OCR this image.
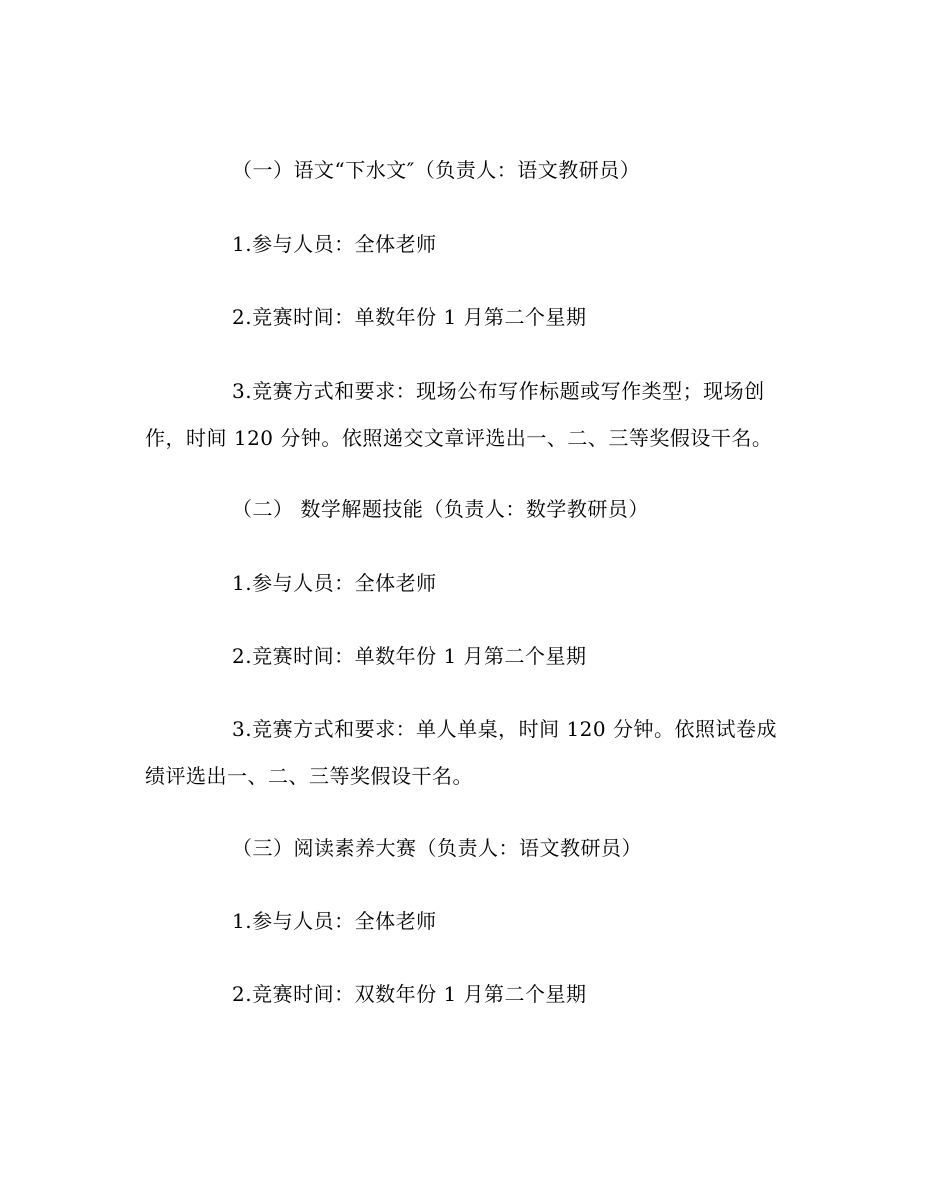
（一）语文“下水文″（负责人：语文教研员）
1.参与人员：全体老师
2.竞赛时间：单数年份 1 月第二个星期
3.竞赛方式和要求：现场公布写作标题或写作类型；现场创
作，时间 120 分钟。依照递交文章评选出一、二、三等奖假设干名。
（二） 数学解题技能（负责人：数学教研员）
1.参与人员：全体老师
2.竞赛时间：单数年份 1 月第二个星期
3.竞赛方式和要求：单人单桌，时间 120 分钟。依照试卷成
绩评选出一、二、三等奖假设干名。
（三）阅读素养大赛（负责人：语文教研员）
1.参与人员：全体老师
2.竞赛时间：双数年份 1 月第二个星期
